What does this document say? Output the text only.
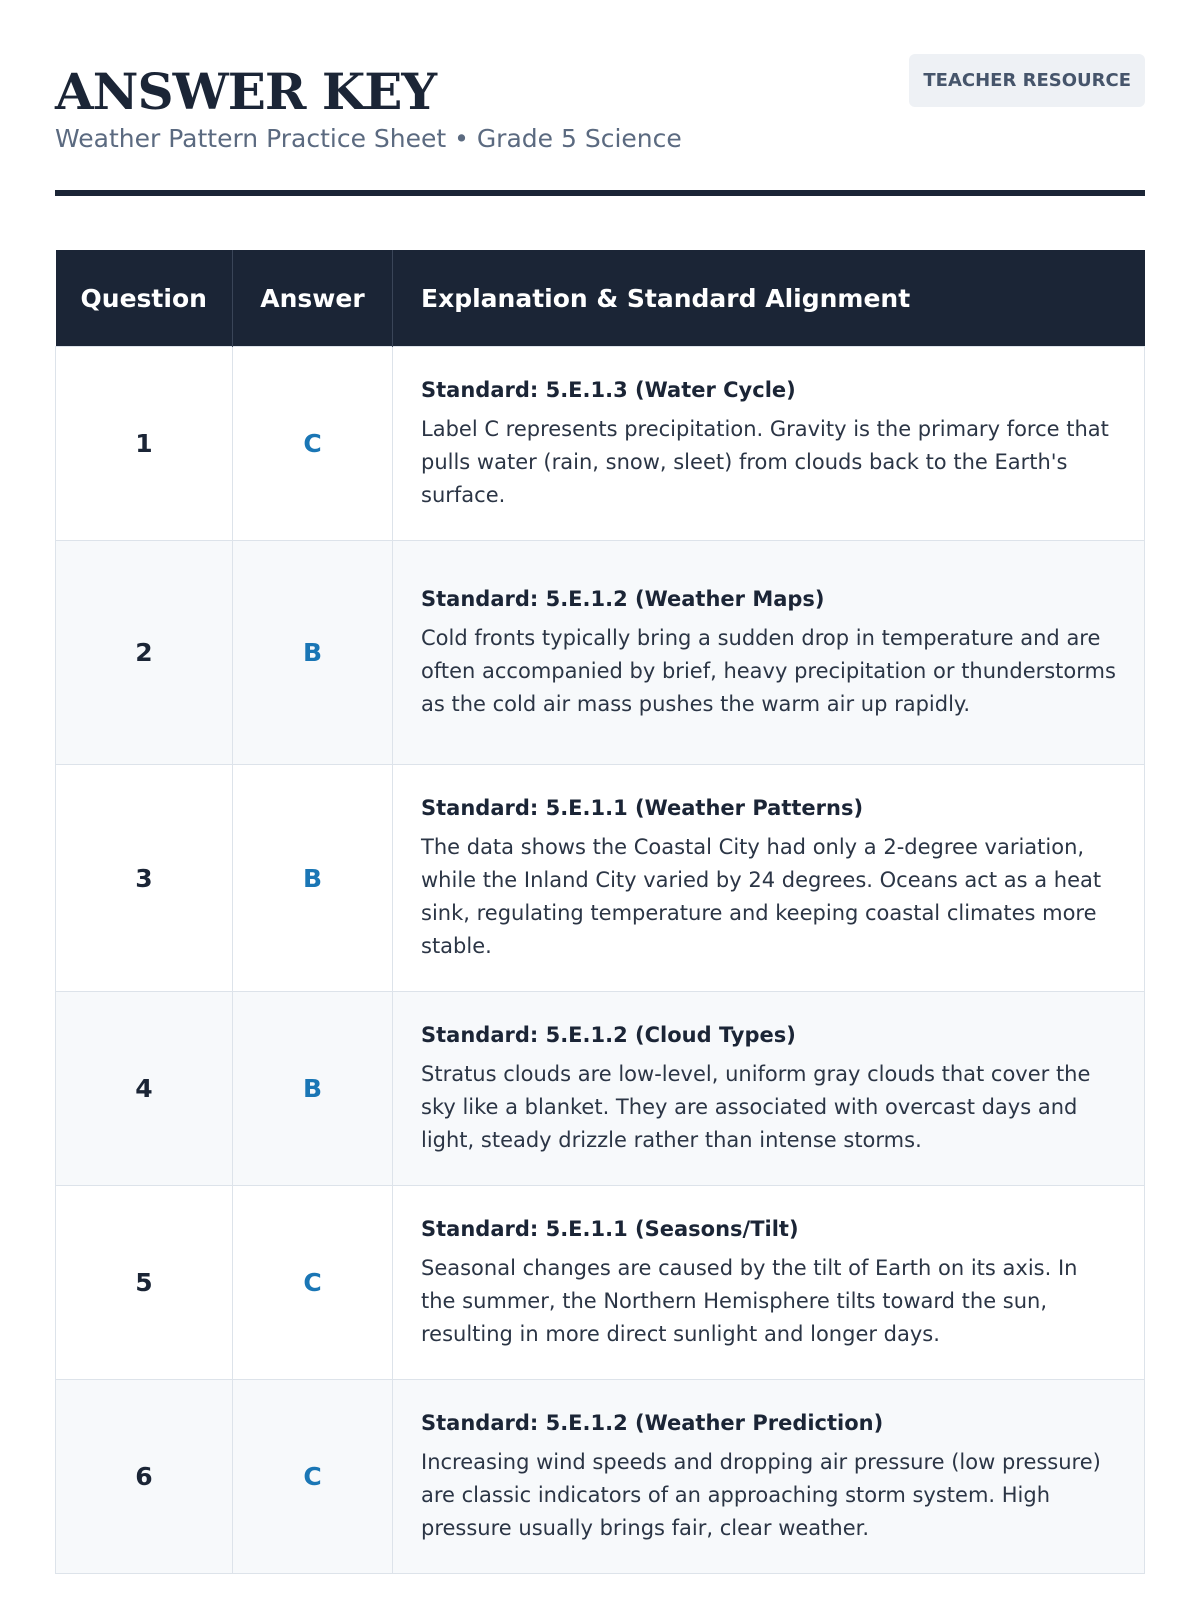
ANSWER KEY
Weather Pattern Practice Sheet • Grade 5 Science
TEACHER RESOURCE
Question	Answer	Explanation & Standard Alignment
1	C	Standard: 5.E.1.3 (Water Cycle)
Label C represents precipitation. Gravity is the primary force that pulls water (rain, snow, sleet) from clouds back to the Earth's surface.

2	B	Standard: 5.E.1.2 (Weather Maps)
Cold fronts typically bring a sudden drop in temperature and are often accompanied by brief, heavy precipitation or thunderstorms as the cold air mass pushes the warm air up rapidly.

3	B	Standard: 5.E.1.1 (Weather Patterns)
The data shows the Coastal City had only a 2-degree variation, while the Inland City varied by 24 degrees. Oceans act as a heat sink, regulating temperature and keeping coastal climates more stable.

4	B	Standard: 5.E.1.2 (Cloud Types)
Stratus clouds are low-level, uniform gray clouds that cover the sky like a blanket. They are associated with overcast days and light, steady drizzle rather than intense storms.

5	C	Standard: 5.E.1.1 (Seasons/Tilt)
Seasonal changes are caused by the tilt of Earth on its axis. In the summer, the Northern Hemisphere tilts toward the sun, resulting in more direct sunlight and longer days.

6	C	Standard: 5.E.1.2 (Weather Prediction)
Increasing wind speeds and dropping air pressure (low pressure) are classic indicators of an approaching storm system. High pressure usually brings fair, clear weather.
